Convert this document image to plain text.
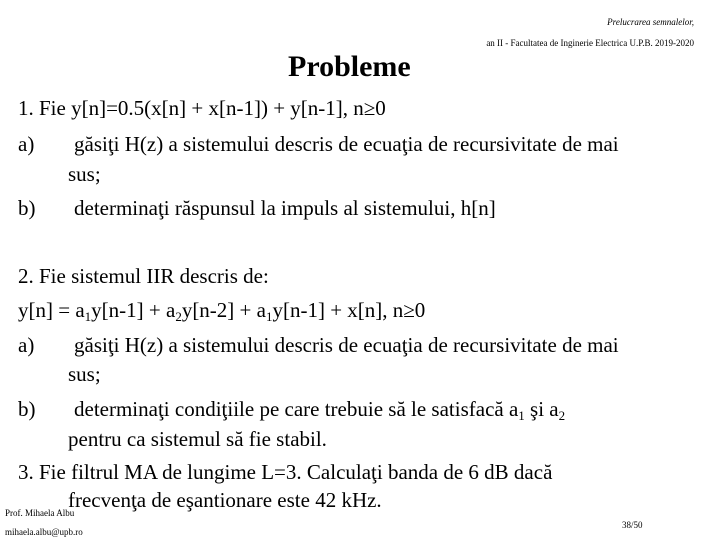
Prelucrarea semnalelor,
an II - Facultatea de Inginerie Electrica U.P.B. 2019-2020
Probleme
1. Fie y[n]=0.5(x[n] + x[n-1]) + y[n-1], n≥0
a) găsiţi H(z) a sistemului descris de ecuaţia de recursivitate de mai
sus;
b) determinaţi răspunsul la impuls al sistemului, h[n]
2. Fie sistemul IIR descris de:
$y[n] = a_1y[n-1] + a_2y[n-2] + a_1y[n-1] + x[n]$, n≥0
a) găsiţi H(z) a sistemului descris de ecuaţia de recursivitate de mai
sus;
b) determinaţi condiţiile pe care trebuie să le satisfacă $a_1$ şi $a_2$
pentru ca sistemul să fie stabil.
3. Fie filtrul MA de lungime L=3. Calculaţi banda de 6 dB dacă
frecvenţa de eşantionare este 42 kHz.
Prof. Mihaela Albu
mihaela.albu@upb.ro
38/50
